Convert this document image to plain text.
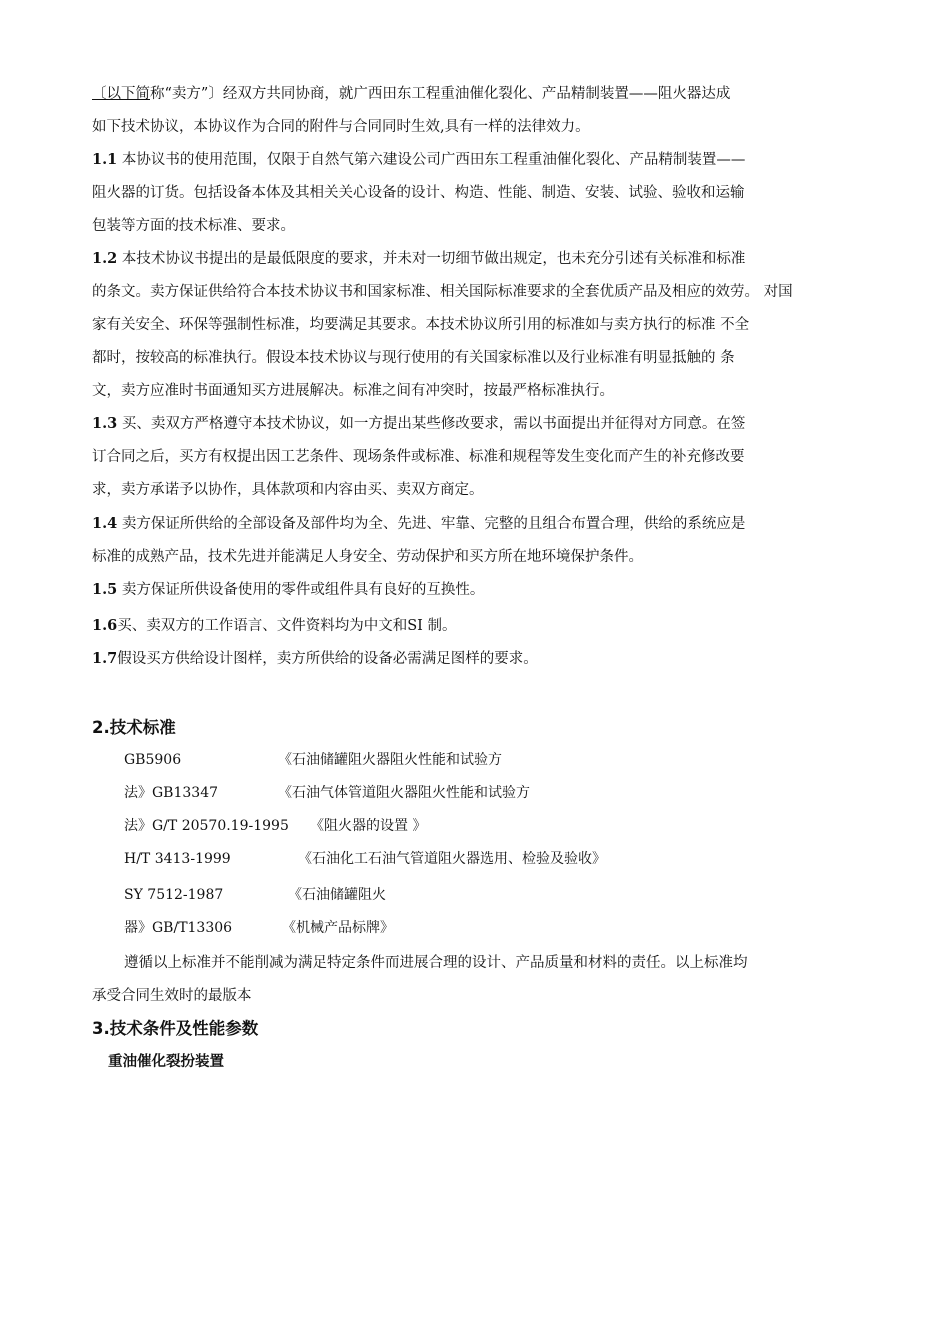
〔以下简称“卖方”〕经双方共同协商，就广西田东工程重油催化裂化、产品精制装置——阻火器达成
如下技术协议，本协议作为合同的附件与合同同时生效,具有一样的法律效力。
1.1 本协议书的使用范围，仅限于自然气第六建设公司广西田东工程重油催化裂化、产品精制装置——
阻火器的订货。包括设备本体及其相关关心设备的设计、构造、性能、制造、安装、试验、验收和运输
包装等方面的技术标准、要求。
1.2 本技术协议书提出的是最低限度的要求，并未对一切细节做出规定，也未充分引述有关标准和标准
的条文。卖方保证供给符合本技术协议书和国家标准、相关国际标准要求的全套优质产品及相应的效劳。 对国
家有关安全、环保等强制性标准，均要满足其要求。本技术协议所引用的标准如与卖方执行的标准 不全
都时，按较高的标准执行。假设本技术协议与现行使用的有关国家标准以及行业标准有明显抵触的 条
文，卖方应准时书面通知买方进展解决。标准之间有冲突时，按最严格标准执行。
1.3 买、卖双方严格遵守本技术协议，如一方提出某些修改要求，需以书面提出并征得对方同意。在签
订合同之后，买方有权提出因工艺条件、现场条件或标准、标准和规程等发生变化而产生的补充修改要
求，卖方承诺予以协作，具体款项和内容由买、卖双方商定。
1.4 卖方保证所供给的全部设备及部件均为全、先进、牢靠、完整的且组合布置合理，供给的系统应是
标准的成熟产品，技术先进并能满足人身安全、劳动保护和买方所在地环境保护条件。
1.5 卖方保证所供设备使用的零件或组件具有良好的互换性。
1.6买、卖双方的工作语言、文件资料均为中文和SI 制。
1.7假设买方供给设计图样，卖方所供给的设备必需满足图样的要求。
2.技术标准
GB5906	《石油储罐阻火器阻火性能和试验方
法》GB13347	《石油气体管道阻火器阻火性能和试验方
法》G/T 20570.19-1995 《阻火器的设置 》
H/T 3413-1999	《石油化工石油气管道阻火器选用、检验及验收》
SY 7512-1987	《石油储罐阻火
器》GB/T13306	《机械产品标牌》
遵循以上标准并不能削减为满足特定条件而进展合理的设计、产品质量和材料的责任。以上标准均
承受合同生效时的最版本
3.技术条件及性能参数
重油催化裂扮装置
